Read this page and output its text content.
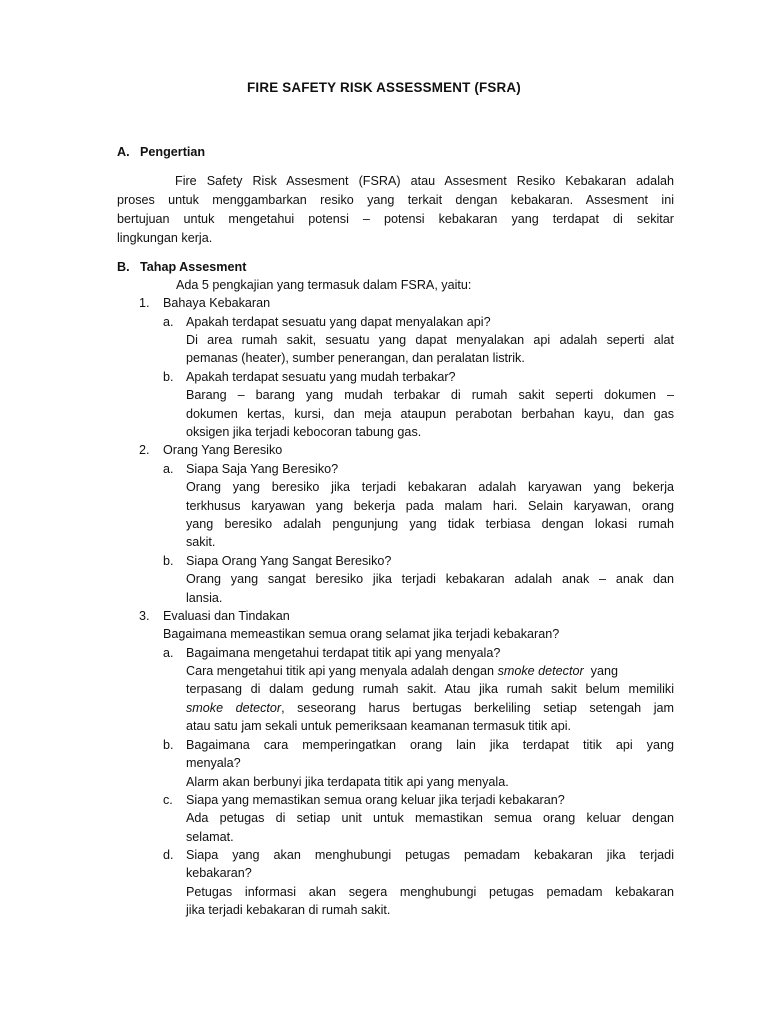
FIRE SAFETY RISK ASSESSMENT (FSRA)
A. Pengertian
Fire Safety Risk Assesment (FSRA) atau Assesment Resiko Kebakaran adalah
proses untuk menggambarkan resiko yang terkait dengan kebakaran. Assesment ini
bertujuan untuk mengetahui potensi – potensi kebakaran yang terdapat di sekitar
lingkungan kerja.
B. Tahap Assesment
Ada 5 pengkajian yang termasuk dalam FSRA, yaitu:
1. Bahaya Kebakaran
a. Apakah terdapat sesuatu yang dapat menyalakan api?
Di area rumah sakit, sesuatu yang dapat menyalakan api adalah seperti alat
pemanas (heater), sumber penerangan, dan peralatan listrik.
b. Apakah terdapat sesuatu yang mudah terbakar?
Barang – barang yang mudah terbakar di rumah sakit seperti dokumen –
dokumen kertas, kursi, dan meja ataupun perabotan berbahan kayu, dan gas
oksigen jika terjadi kebocoran tabung gas.
2. Orang Yang Beresiko
a. Siapa Saja Yang Beresiko?
Orang yang beresiko jika terjadi kebakaran adalah karyawan yang bekerja
terkhusus karyawan yang bekerja pada malam hari. Selain karyawan, orang
yang beresiko adalah pengunjung yang tidak terbiasa dengan lokasi rumah
sakit.
b. Siapa Orang Yang Sangat Beresiko?
Orang yang sangat beresiko jika terjadi kebakaran adalah anak – anak dan
lansia.
3. Evaluasi dan Tindakan
Bagaimana memeastikan semua orang selamat jika terjadi kebakaran?
a. Bagaimana mengetahui terdapat titik api yang menyala?
Cara mengetahui titik api yang menyala adalah dengan smoke detector  yang
terpasang di dalam gedung rumah sakit. Atau jika rumah sakit belum memiliki
smoke detector, seseorang harus bertugas berkeliling setiap setengah jam
atau satu jam sekali untuk pemeriksaan keamanan termasuk titik api.
b. Bagaimana cara memperingatkan orang lain jika terdapat titik api yang
menyala?
Alarm akan berbunyi jika terdapata titik api yang menyala.
c. Siapa yang memastikan semua orang keluar jika terjadi kebakaran?
Ada petugas di setiap unit untuk memastikan semua orang keluar dengan
selamat.
d. Siapa yang akan menghubungi petugas pemadam kebakaran jika terjadi
kebakaran?
Petugas informasi akan segera menghubungi petugas pemadam kebakaran
jika terjadi kebakaran di rumah sakit.
